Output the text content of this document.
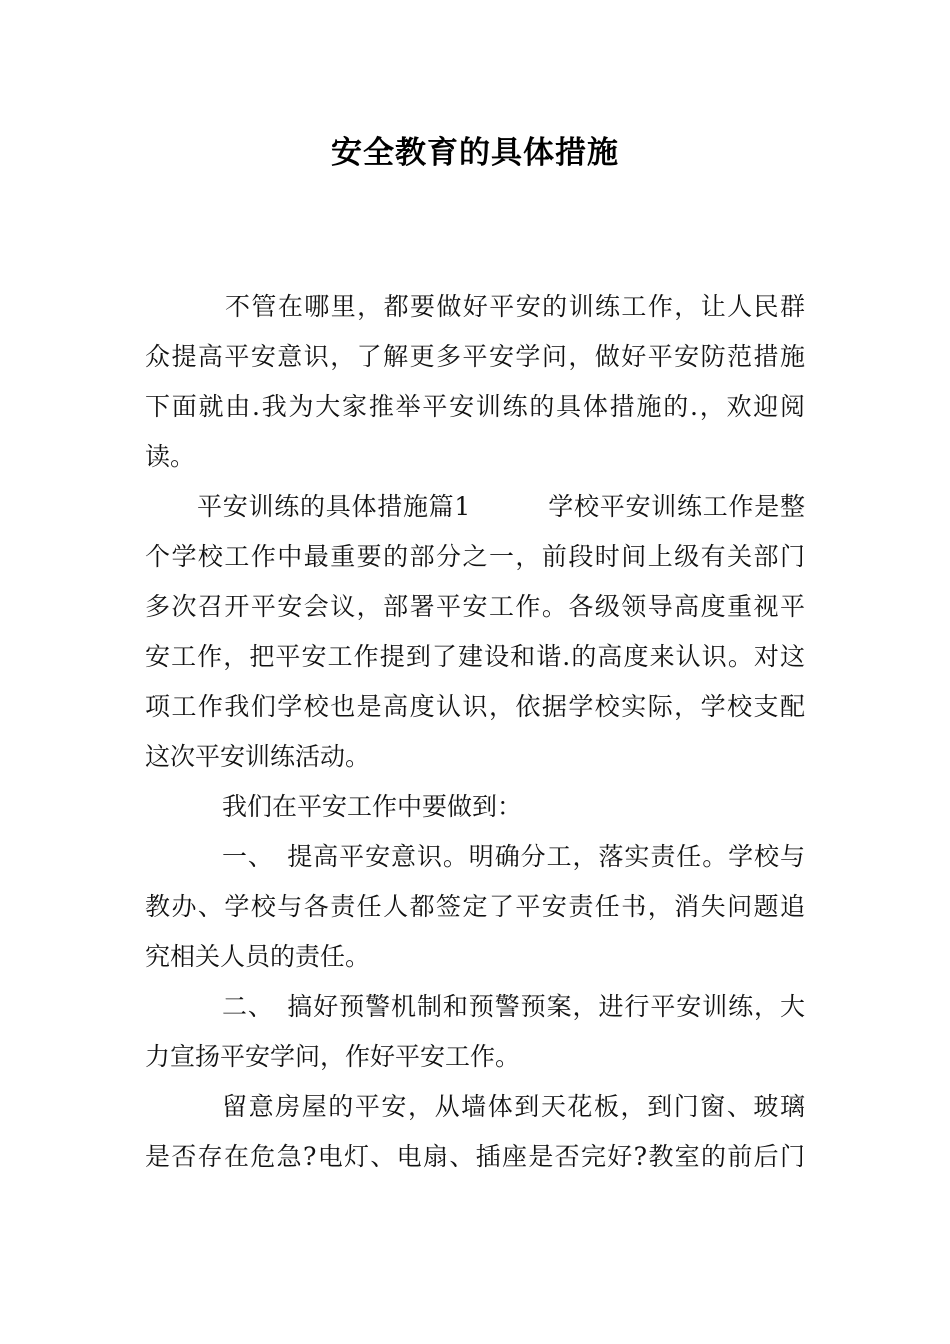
安全教育的具体措施
不管在哪里，都要做好平安的训练工作，让人民群
众提高平安意识，了解更多平安学问，做好平安防范措施
下面就由.我为大家推举平安训练的具体措施的.，欢迎阅
读。
平安训练的具体措施篇1　　　学校平安训练工作是整
个学校工作中最重要的部分之一，前段时间上级有关部门
多次召开平安会议，部署平安工作。各级领导高度重视平
安工作，把平安工作提到了建设和谐.的高度来认识。对这
项工作我们学校也是高度认识，依据学校实际，学校支配
这次平安训练活动。
我们在平安工作中要做到：
一、　提高平安意识。明确分工，落实责任。学校与
教办、学校与各责任人都签定了平安责任书，消失问题追
究相关人员的责任。
二、　搞好预警机制和预警预案，进行平安训练，大
力宣扬平安学问，作好平安工作。
留意房屋的平安，从墙体到天花板，到门窗、玻璃
是否存在危急?电灯、电扇、插座是否完好?教室的前后门
